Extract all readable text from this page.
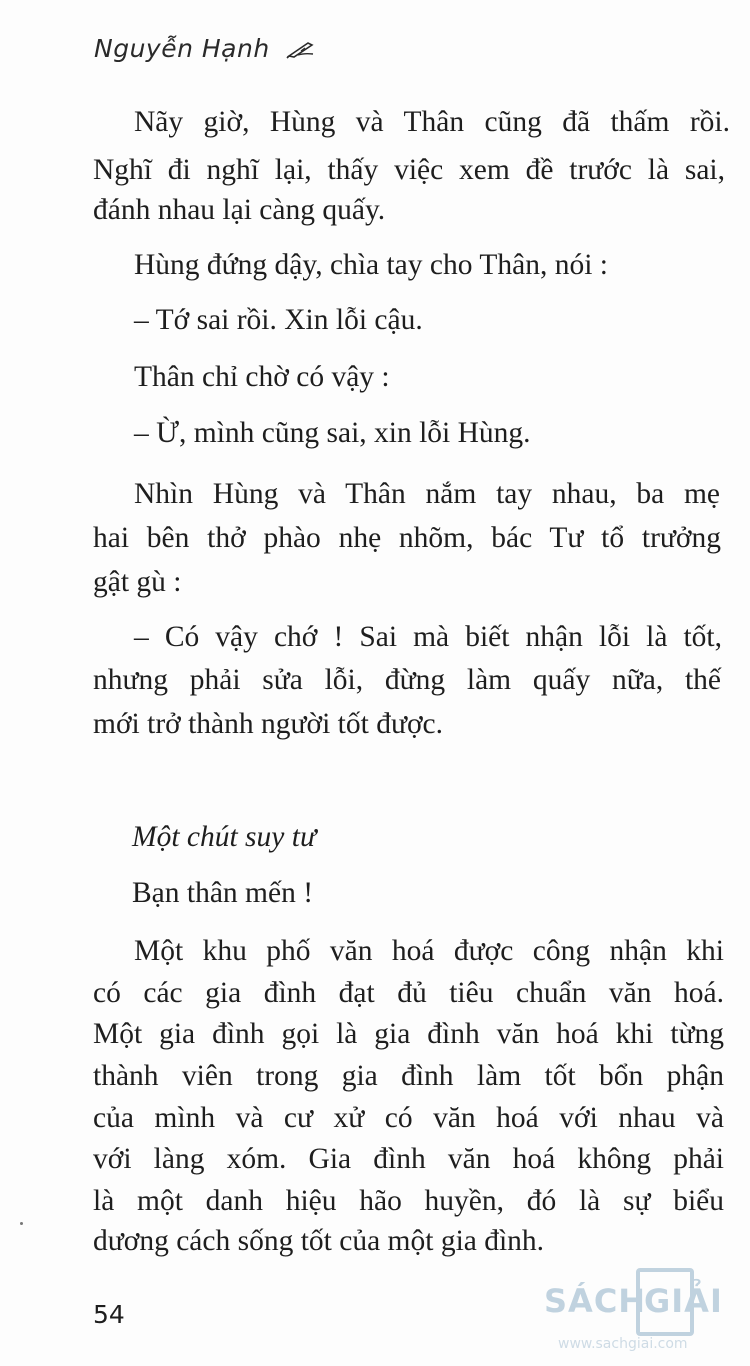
Nguyễn Hạnh
Nãy giờ, Hùng và Thân cũng đã thấm rồi.
Nghĩ đi nghĩ lại, thấy việc xem đề trước là sai,
đánh nhau lại càng quấy.
Hùng đứng dậy, chìa tay cho Thân, nói :
– Tớ sai rồi. Xin lỗi cậu.
Thân chỉ chờ có vậy :
– Ừ, mình cũng sai, xin lỗi Hùng.
Nhìn Hùng và Thân nắm tay nhau, ba mẹ
hai bên thở phào nhẹ nhõm, bác Tư tổ trưởng
gật gù :
– Có vậy chớ ! Sai mà biết nhận lỗi là tốt,
nhưng phải sửa lỗi, đừng làm quấy nữa, thế
mới trở thành người tốt được.
Một chút suy tư
Bạn thân mến !
Một khu phố văn hoá được công nhận khi
có các gia đình đạt đủ tiêu chuẩn văn hoá.
Một gia đình gọi là gia đình văn hoá khi từng
thành viên trong gia đình làm tốt bổn phận
của mình và cư xử có văn hoá với nhau và
với làng xóm. Gia đình văn hoá không phải
là một danh hiệu hão huyền, đó là sự biểu
dương cách sống tốt của một gia đình.
54	SÁCH
GIẢI
www.sachgiai.com
